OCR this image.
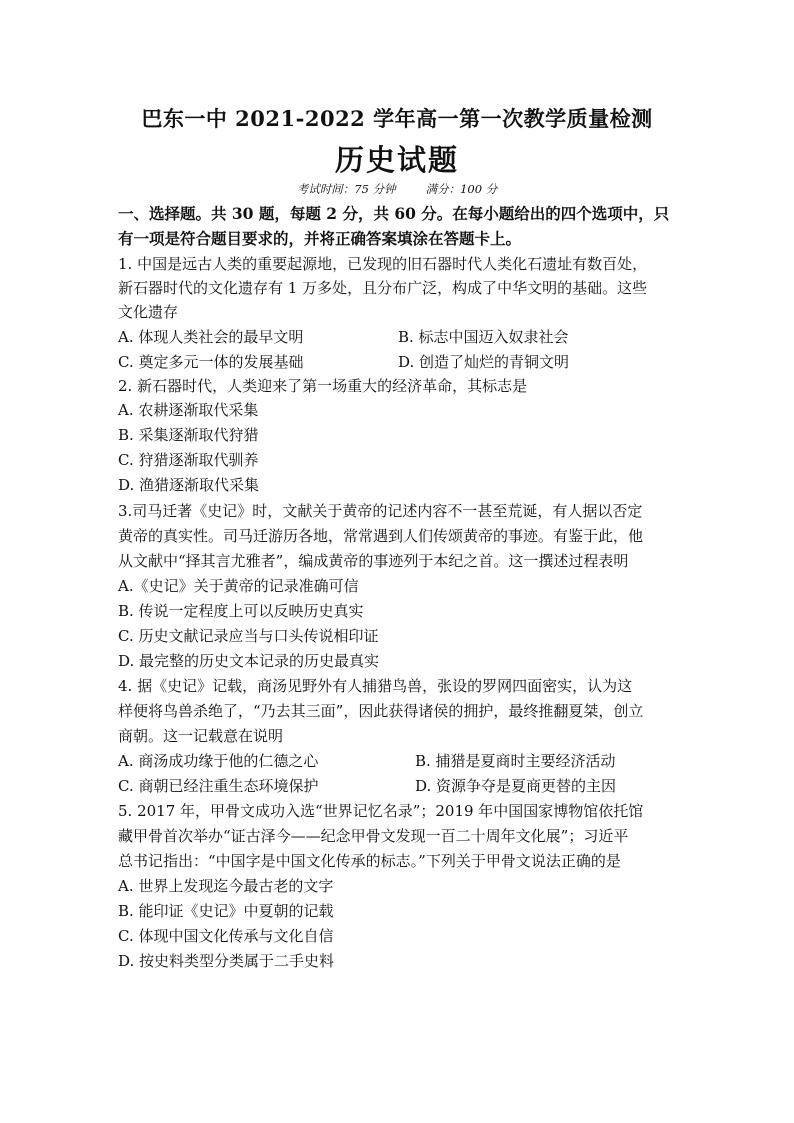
巴东一中 2021-2022 学年高一第一次教学质量检测
历史试题
考试时间：75 分钟	满分：100 分
一、选择题。共 30 题，每题 2 分，共 60 分。在每小题给出的四个选项中，只
有一项是符合题目要求的，并将正确答案填涂在答题卡上。
1. 中国是远古人类的重要起源地，已发现的旧石器时代人类化石遗址有数百处，
新石器时代的文化遗存有 1 万多处，且分布广泛，构成了中华文明的基础。这些
文化遗存
A. 体现人类社会的最早文明	B. 标志中国迈入奴隶社会
C. 奠定多元一体的发展基础	D. 创造了灿烂的青铜文明
2. 新石器时代，人类迎来了第一场重大的经济革命，其标志是
A. 农耕逐渐取代采集
B. 采集逐渐取代狩猎
C. 狩猎逐渐取代驯养
D. 渔猎逐渐取代采集
3.司马迁著《史记》时，文献关于黄帝的记述内容不一甚至荒诞，有人据以否定
黄帝的真实性。司马迁游历各地，常常遇到人们传颂黄帝的事迹。有鉴于此，他
从文献中“择其言尤雅者”，编成黄帝的事迹列于本纪之首。这一撰述过程表明
A.《史记》关于黄帝的记录准确可信
B. 传说一定程度上可以反映历史真实
C. 历史文献记录应当与口头传说相印证
D. 最完整的历史文本记录的历史最真实
4. 据《史记》记载，商汤见野外有人捕猎鸟兽，张设的罗网四面密实，认为这
样便将鸟兽杀绝了，“乃去其三面”，因此获得诸侯的拥护，最终推翻夏桀，创立
商朝。这一记载意在说明
A. 商汤成功缘于他的仁德之心	B. 捕猎是夏商时主要经济活动
C. 商朝已经注重生态环境保护	D. 资源争夺是夏商更替的主因
5. 2017 年，甲骨文成功入选“世界记忆名录”；2019 年中国国家博物馆依托馆
藏甲骨首次举办“证古泽今——纪念甲骨文发现一百二十周年文化展”；习近平
总书记指出：“中国字是中国文化传承的标志。”下列关于甲骨文说法正确的是
A. 世界上发现迄今最古老的文字
B. 能印证《史记》中夏朝的记载
C. 体现中国文化传承与文化自信
D. 按史料类型分类属于二手史料
